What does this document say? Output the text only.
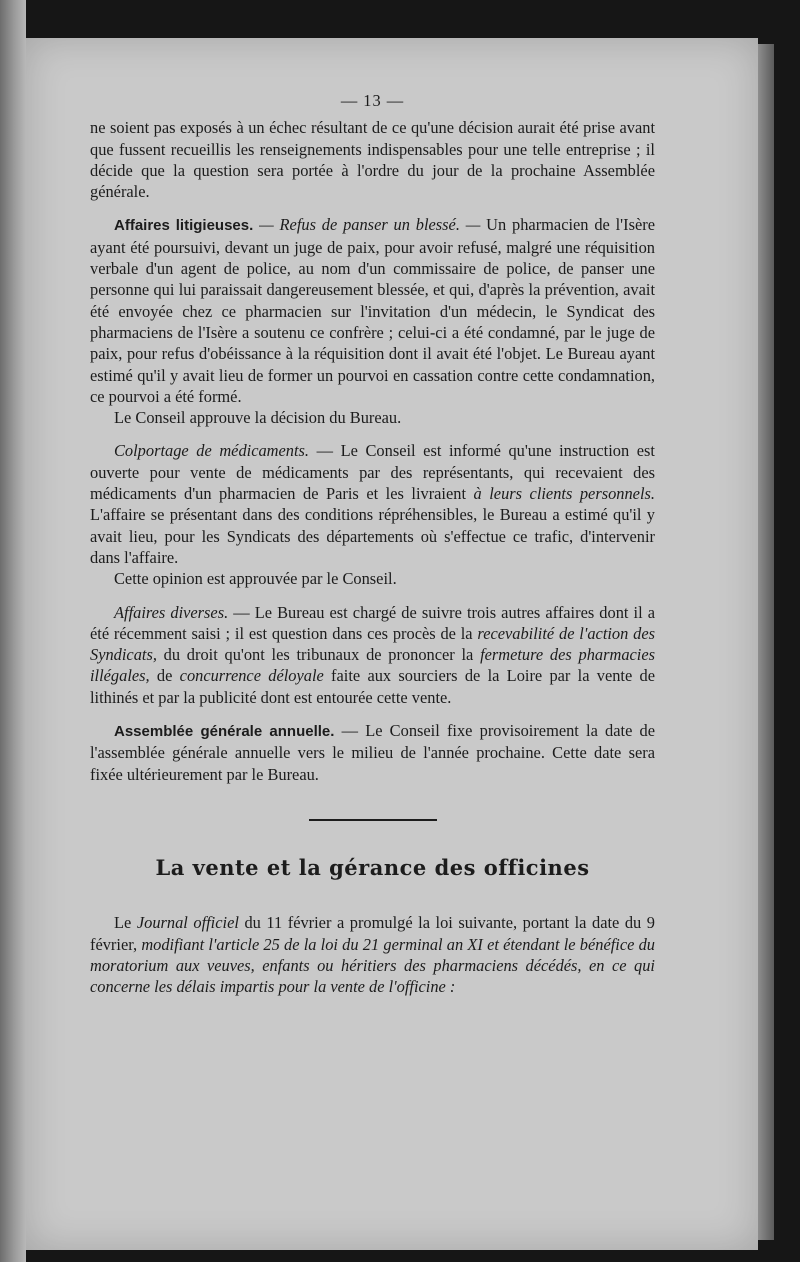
— 13 —

ne soient pas exposés à un échec résultant de ce qu'une décision aurait été prise avant que fussent recueillis les renseignements indispensables pour une telle entreprise ; il décide que la question sera portée à l'ordre du jour de la prochaine Assemblée générale.

Affaires litigieuses. — Refus de panser un blessé. — Un pharmacien de l'Isère ayant été poursuivi, devant un juge de paix, pour avoir refusé, malgré une réquisition verbale d'un agent de police, au nom d'un commissaire de police, de panser une personne qui lui paraissait dangereusement blessée, et qui, d'après la prévention, avait été envoyée chez ce pharmacien sur l'invitation d'un médecin, le Syndicat des pharmaciens de l'Isère a soutenu ce confrère ; celui-ci a été condamné, par le juge de paix, pour refus d'obéissance à la réquisition dont il avait été l'objet. Le Bureau ayant estimé qu'il y avait lieu de former un pourvoi en cassation contre cette condamnation, ce pourvoi a été formé.

Le Conseil approuve la décision du Bureau.

Colportage de médicaments. — Le Conseil est informé qu'une instruction est ouverte pour vente de médicaments par des représentants, qui recevaient des médicaments d'un pharmacien de Paris et les livraient à leurs clients personnels. L'affaire se présentant dans des conditions répréhensibles, le Bureau a estimé qu'il y avait lieu, pour les Syndicats des départements où s'effectue ce trafic, d'intervenir dans l'affaire.

Cette opinion est approuvée par le Conseil.

Affaires diverses. — Le Bureau est chargé de suivre trois autres affaires dont il a été récemment saisi ; il est question dans ces procès de la recevabilité de l'action des Syndicats, du droit qu'ont les tribunaux de prononcer la fermeture des pharmacies illégales, de concurrence déloyale faite aux sourciers de la Loire par la vente de lithinés et par la publicité dont est entourée cette vente.

Assemblée générale annuelle. — Le Conseil fixe provisoirement la date de l'assemblée générale annuelle vers le milieu de l'année prochaine. Cette date sera fixée ultérieurement par le Bureau.

La vente et la gérance des officines

Le Journal officiel du 11 février a promulgé la loi suivante, portant la date du 9 février, modifiant l'article 25 de la loi du 21 germinal an XI et étendant le bénéfice du moratorium aux veuves, enfants ou héritiers des pharmaciens décédés, en ce qui concerne les délais impartis pour la vente de l'officine :
